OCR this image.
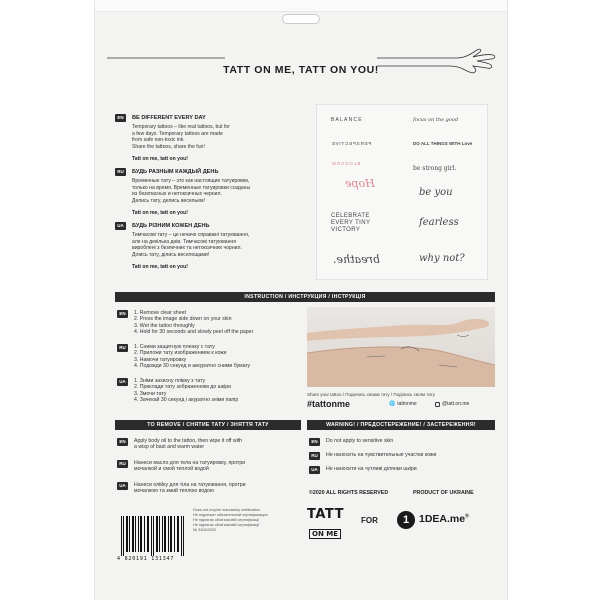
TATT ON ME, TATT ON YOU!
EN	BE DIFFERENT EVERY DAY
Temporary tattoos – like real tattoos, but for
a few days. Temporary tattoos are made
from safe non-toxic ink.
Share the tattoos, share the fun!
Tatt on me, tatt on you!
RU	БУДЬ РАЗНЫМ КАЖДЫЙ ДЕНЬ
Временные тату – это как настоящие татуировки,
только на время. Временные татуировки созданы
из безопасных и нетоксичных чернил.
Делись тату, делись весельем!
Tatt on me, tatt on you!
UA	БУДЬ РІЗНИМ КОЖЕН ДЕНЬ
Тимчасові тату – це нечаче справжні татуювання,
але на декілька днів. Тимчасові татуювання
вироблені з безпечних та нетоксичних чорнил.
Ділись тату, ділись веселощами!
Tatt on me, tatt on you!
BALANCE	focus on the good
PERSPECTIVE	DO ALL THINGS WITH Love
BLOSSOM
be strong girl.
Hope
be you
CELEBRATE EVERY TINY VICTORY
fearless
breathe.	why not?
INSTRUCTION / ИНСТРУКЦИЯ / ІНСТРУКЦІЯ
EN	1. Remove clear sheet
2. Press the image side down on your skin
3. Wet the tattoo throughly
4. Hold for 30 seconds and slowly peel off the paper
RU	1. Сними защитную пленку с тату
2. Приложи тату изображением к коже
3. Намочи татуировку
4. Подожди 30 секунд и аккуратно сними бумагу
UA	1. Зніми захисну плівку з тату
2. Приклади тату зображенням до шкіри
3. Змочи тату
4. Зачекай 30 секунд і акуратно зніми папір
Share your tattoo / Поделись своим тату / Поділись своїм тату
#tattonme	🌐 tattonme	@tatt.on.me
TO REMOVE / СНЯТИЕ ТАТУ / ЗНЯТТЯ ТАТУ
EN	Apply body oil to the tattoo, then wipe it off with
a wisp of bast and warm water
RU	Нанеси масло для тела на татуировку, протри
мочалкой и смой теплой водой
UA	Нанеси олійку для тіла на татуювання, протри
мочалкою та змий теплою водою
WARNING! / ПРЕДОСТЕРЕЖЕНИЕ! / ЗАСТЕРЕЖЕННЯ!
EN	Do not apply to sensitive skin
RU	Не наносить на чувствительные участки кожи
UA	Не наносити на чутливі ділянки шкіри
©2020 ALL RIGHTS RESERVED	PRODUCT OF UKRAINE
Does not require mandatory certification
Не подлежит обязательной сертификации
Не підлягає обов'язковій сертифікації
Не підлягає обов'язковій сертифікації
№ 3304/2020
4 820191 131347
TATT
ON ME
FOR	1 1DEA.me®
